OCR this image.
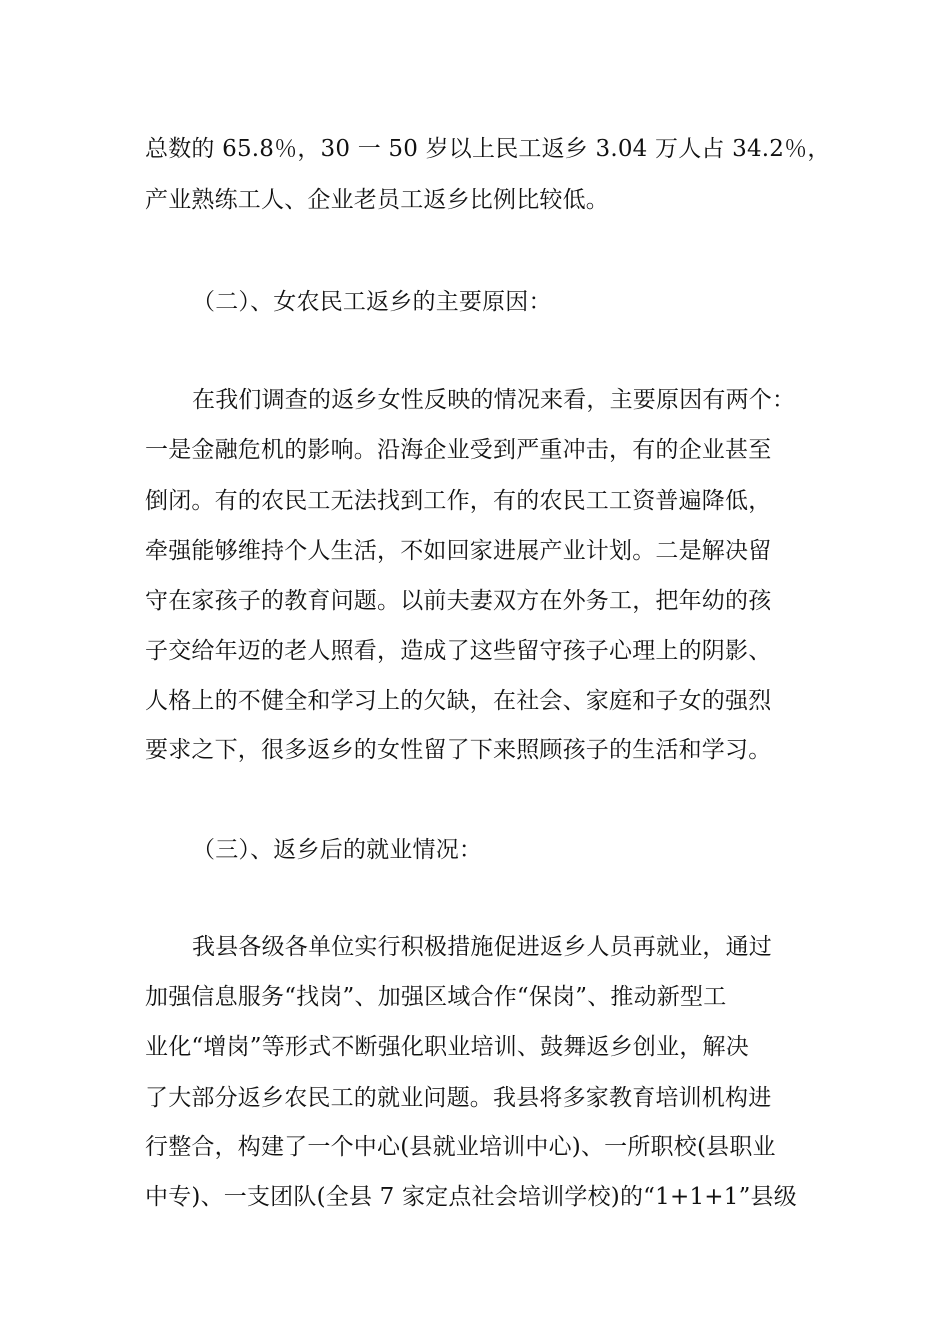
总数的 65.8％，30 一 50 岁以上民工返乡 3.04 万人占 34.2％，
产业熟练工人、企业老员工返乡比例比较低。
（二）、女农民工返乡的主要原因：
在我们调查的返乡女性反映的情况来看，主要原因有两个：
一是金融危机的影响。沿海企业受到严重冲击，有的企业甚至
倒闭。有的农民工无法找到工作，有的农民工工资普遍降低，
牵强能够维持个人生活，不如回家进展产业计划。二是解决留
守在家孩子的教育问题。以前夫妻双方在外务工，把年幼的孩
子交给年迈的老人照看，造成了这些留守孩子心理上的阴影、
人格上的不健全和学习上的欠缺，在社会、家庭和子女的强烈
要求之下，很多返乡的女性留了下来照顾孩子的生活和学习。
（三）、返乡后的就业情况：
我县各级各单位实行积极措施促进返乡人员再就业，通过
加强信息服务“找岗”、加强区域合作“保岗”、推动新型工
业化“增岗”等形式不断强化职业培训、鼓舞返乡创业，解决
了大部分返乡农民工的就业问题。我县将多家教育培训机构进
行整合，构建了一个中心(县就业培训中心)、一所职校(县职业
中专)、一支团队(全县 7 家定点社会培训学校)的“1+1+1”县级
